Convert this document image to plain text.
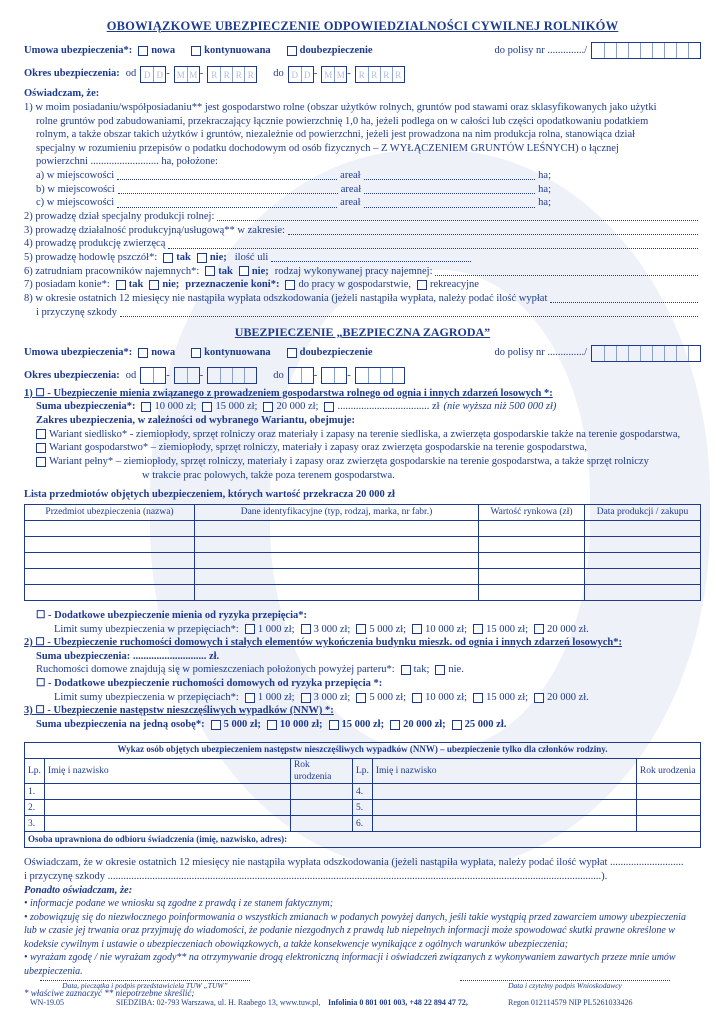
OBOWIĄZKOWE UBEZPIECZENIE ODPOWIEDZIALNOŚCI CYWILNEJ ROLNIKÓW
Umowa ubezpieczenia*: nowa	kontynuowana	doubezpieczenie	do polisy nr ............../
Okres ubezpieczenia: od D D - M M - R R R R do D D - M M - R R R R
Oświadczam, że:
1) w moim posiadaniu/współposiadaniu** jest gospodarstwo rolne (obszar użytków rolnych, gruntów pod stawami oraz sklasyfikowanych jako użytki
rolne gruntów pod zabudowaniami, przekraczający łącznie powierzchnię 1,0 ha, jeżeli podlega on w całości lub części opodatkowaniu podatkiem
rolnym, a także obszar takich użytków i gruntów, niezależnie od powierzchni, jeżeli jest prowadzona na nim produkcja rolna, stanowiąca dział
specjalny w rozumieniu przepisów o podatku dochodowym od osób fizycznych – Z WYŁĄCZENIEM GRUNTÓW LEŚNYCH) o łącznej
powierzchni .......................... ha, położone:
a) w miejscowości	areał	ha;
b) w miejscowości	areał	ha;
c) w miejscowości	areał	ha;
2) prowadzę dział specjalny produkcji rolnej:
3) prowadzę działalność produkcyjną/usługową** w zakresie:
4) prowadzę produkcję zwierzęcą
5) prowadzę hodowlę pszczół*: tak nie; ilość uli
6) zatrudniam pracowników najemnych*: tak nie; rodzaj wykonywanej pracy najemnej:
7) posiadam konie*: tak nie; przeznaczenie koni*: do pracy w gospodarstwie, rekreacyjne
8) w okresie ostatnich 12 miesięcy nie nastąpiła wypłata odszkodowania (jeżeli nastąpiła wypłata, należy podać ilość wypłat
i przyczynę szkody
UBEZPIECZENIE „BEZPIECZNA ZAGRODA”
Umowa ubezpieczenia*: nowa	kontynuowana	doubezpieczenie	do polisy nr ............../
Okres ubezpieczenia: od	-	-	do	-	-
1) ☐ - Ubezpieczenie mienia związanego z prowadzeniem gospodarstwa rolnego od ognia i innych zdarzeń losowych *:
Suma ubezpieczenia*: 10 000 zł; 15 000 zł; 20 000 zł; ................................... zł (nie wyższa niż 500 000 zł)
Zakres ubezpieczenia, w zależności od wybranego Wariantu, obejmuje:
Wariant siedlisko* - ziemiopłody, sprzęt rolniczy oraz materiały i zapasy na terenie siedliska, a zwierzęta gospodarskie także na terenie gospodarstwa,
Wariant gospodarstwo* – ziemiopłody, sprzęt rolniczy, materiały i zapasy oraz zwierzęta gospodarskie na terenie gospodarstwa,
Wariant pełny* – ziemiopłody, sprzęt rolniczy, materiały i zapasy oraz zwierzęta gospodarskie na terenie gospodarstwa, a także sprzęt rolniczy
w trakcie prac polowych, także poza terenem gospodarstwa.
Lista przedmiotów objętych ubezpieczeniem, których wartość przekracza 20 000 zł
Przedmiot ubezpieczenia (nazwa)	Dane identyfikacyjne (typ, rodzaj, marka, nr fabr.)	Wartość rynkowa (zł)	Data produkcji / zakupu

☐ - Dodatkowe ubezpieczenie mienia od ryzyka przepięcia*:
Limit sumy ubezpieczenia w przepięciach*: 1 000 zł; 3 000 zł; 5 000 zł; 10 000 zł; 15 000 zł; 20 000 zł.
2) ☐ - Ubezpieczenie ruchomości domowych i stałych elementów wykończenia budynku mieszk. od ognia i innych zdarzeń losowych*:
Suma ubezpieczenia: ............................ zł.
Ruchomości domowe znajdują się w pomieszczeniach położonych powyżej parteru*: tak; nie.
☐ - Dodatkowe ubezpieczenie ruchomości domowych od ryzyka przepięcia *:
Limit sumy ubezpieczenia w przepięciach*: 1 000 zł; 3 000 zł; 5 000 zł; 10 000 zł; 15 000 zł; 20 000 zł.
3) ☐ - Ubezpieczenie następstw nieszczęśliwych wypadków (NNW) *:
Suma ubezpieczenia na jedną osobę*: 5 000 zł; 10 000 zł; 15 000 zł; 20 000 zł; 25 000 zł.
Wykaz osób objętych ubezpieczeniem następstw nieszczęśliwych wypadków (NNW) – ubezpieczenie tylko dla członków rodziny.					
Lp.	Imię i nazwisko	Rok urodzenia	Lp.	Imię i nazwisko	Rok urodzenia
1.			4.		
2.			5.		
3.			6.		
Osoba uprawniona do odbioru świadczenia (imię, nazwisko, adres):					
Oświadczam, że w okresie ostatnich 12 miesięcy nie nastąpiła wypłata odszkodowania (jeżeli nastąpiła wypłata, należy podać ilość wypłat ............................
i przyczynę szkody ............................................................................................................................................................................................).
Ponadto oświadczam, że:
• informacje podane we wniosku są zgodne z prawdą i ze stanem faktycznym;
• zobowiązuję się do niezwłocznego poinformowania o wszystkich zmianach w podanych powyżej danych, jeśli takie wystąpią przed zawarciem umowy ubezpieczenia lub w czasie jej trwania oraz przyjmuję do wiadomości, że podanie niezgodnych z prawdą lub niepełnych informacji może spowodować skutki prawne określone w kodeksie cywilnym i ustawie o ubezpieczeniach obowiązkowych, a także konsekwencje wynikające z ogólnych warunków ubezpieczenia;
• wyrażam zgodę / nie wyrażam zgody** na otrzymywanie drogą elektroniczną informacji i oświadczeń związanych z wykonywaniem zawartych przeze mnie umów ubezpieczenia.
* właściwe zaznaczyć ** niepotrzebne skreślić;
Data, pieczątka i podpis przedstawiciela TUW „TUW”	Data i czytelny podpis Wnioskodawcy
WN-19.05	SIEDZIBA: 02-793 Warszawa, ul. H. Raabego 13, www.tuw.pl, Infolinia 0 801 001 003, +48 22 894 47 72,	Regon 012114579 NIP PL5261033426
